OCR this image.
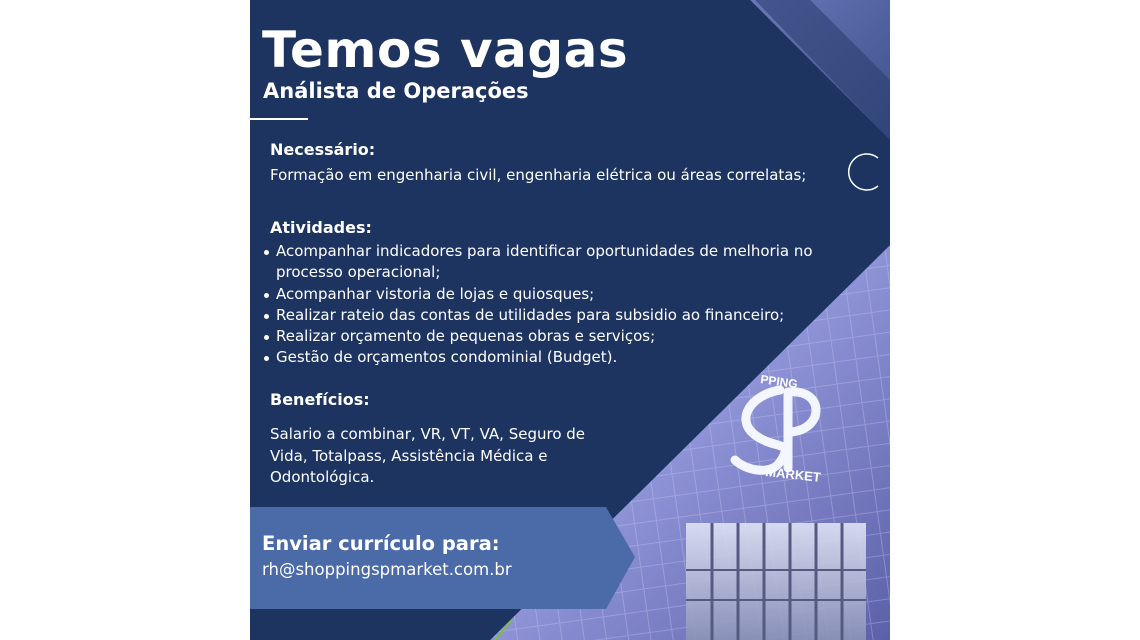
PPING
MARKET
Temos vagas
Análista de Operações
Necessário:
Formação em engenharia civil, engenharia elétrica ou áreas correlatas;
Atividades:
Acompanhar indicadores para identificar oportunidades de melhoria no
processo operacional;
Acompanhar vistoria de lojas e quiosques;
Realizar rateio das contas de utilidades para subsidio ao financeiro;
Realizar orçamento de pequenas obras e serviços;
Gestão de orçamentos condominial (Budget).
Benefícios:
Salario a combinar, VR, VT, VA, Seguro de Vida, Totalpass, Assistência Médica e Odontológica.
Enviar currículo para:
rh@shoppingspmarket.com.br
